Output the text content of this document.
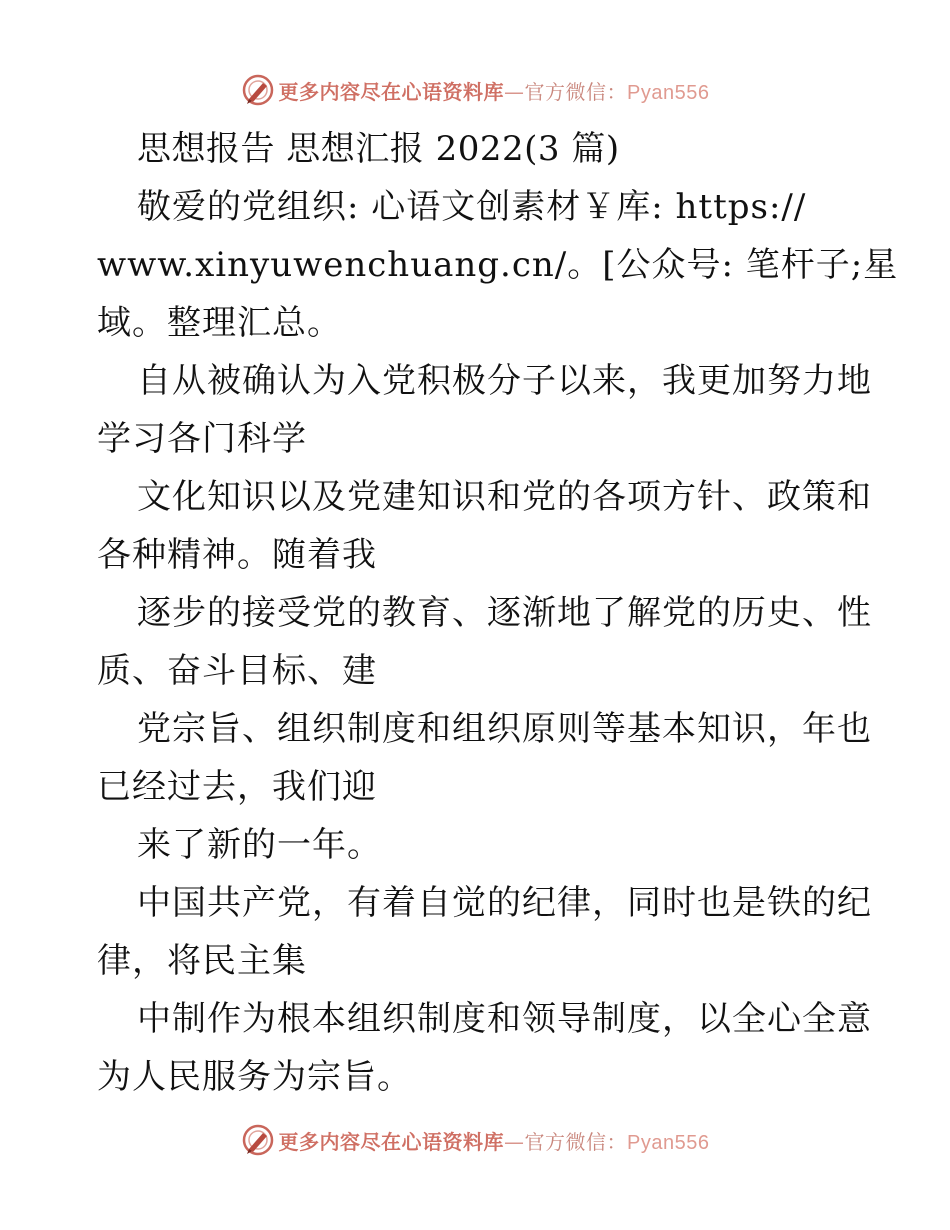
更多内容尽在心语资料库—官方微信：Pyan556
思想报告 思想汇报 2022(3 篇)
敬爱的党组织: 心语文创素材￥库: https://
www.xinyuwenchuang.cn/。[公众号: 笔杆子;星
域。整理汇总。
自从被确认为入党积极分子以来，我更加努力地
学习各门科学
文化知识以及党建知识和党的各项方针、政策和
各种精神。随着我
逐步的接受党的教育、逐渐地了解党的历史、性
质、奋斗目标、建
党宗旨、组织制度和组织原则等基本知识，年也
已经过去，我们迎
来了新的一年。
中国共产党，有着自觉的纪律，同时也是铁的纪
律，将民主集
中制作为根本组织制度和领导制度，以全心全意
为人民服务为宗旨。
更多内容尽在心语资料库—官方微信：Pyan556
